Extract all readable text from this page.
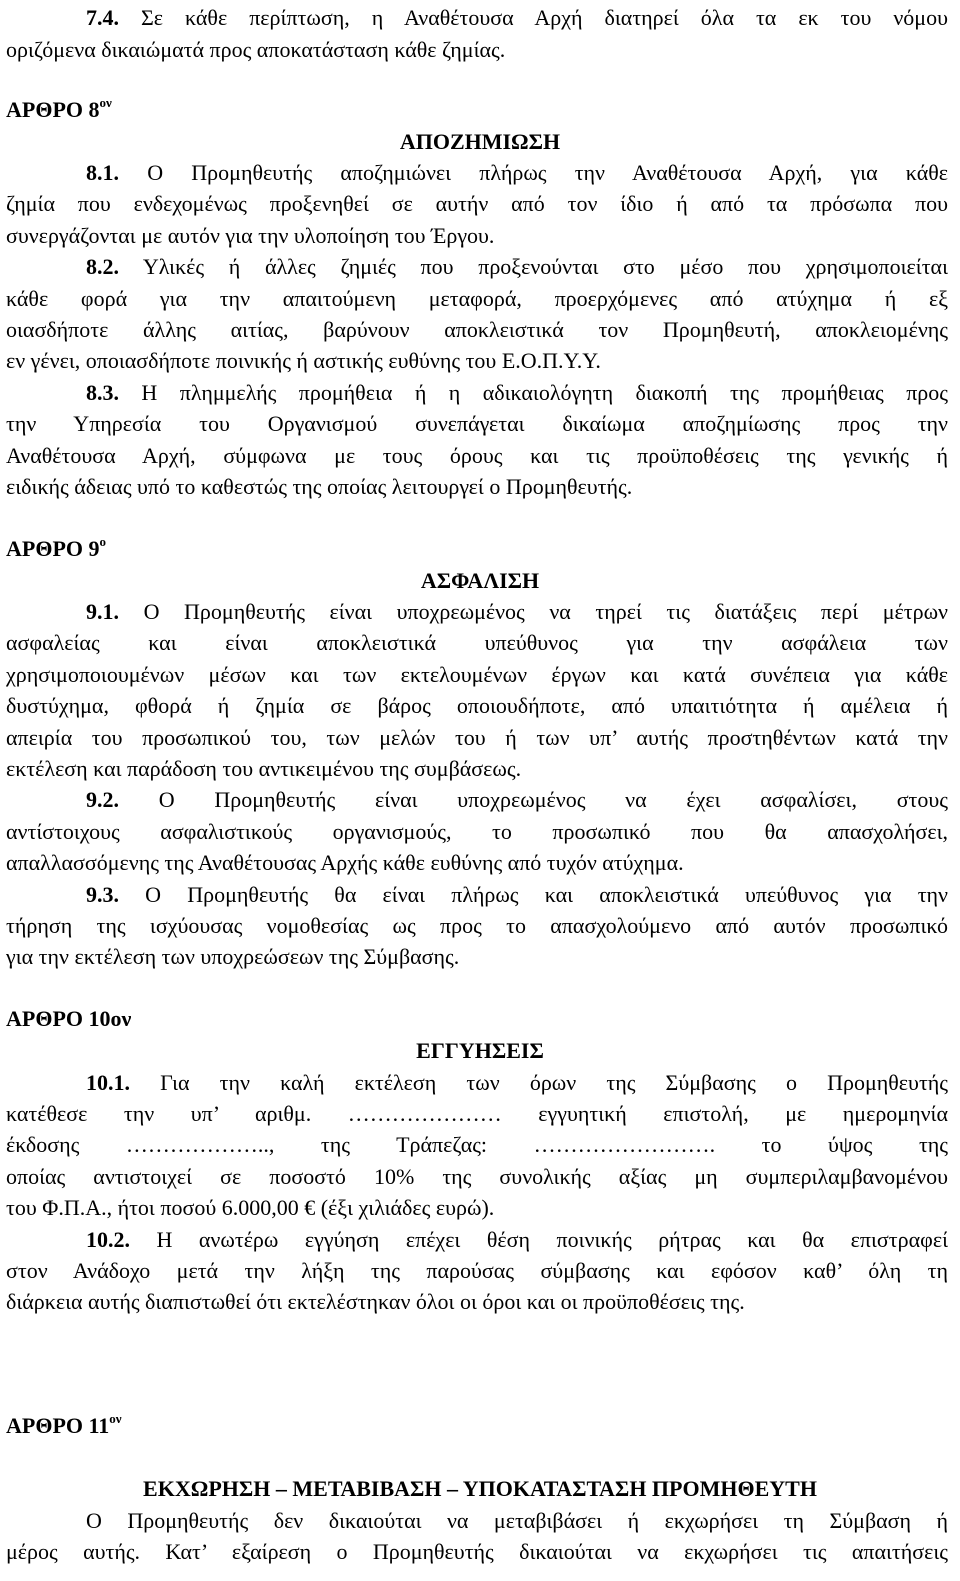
7.4. Σε κάθε περίπτωση, η Αναθέτουσα Αρχή διατηρεί όλα τα εκ του νόμου
οριζόμενα δικαιώματά προς αποκατάσταση κάθε ζημίας.
ΑΡΘΡΟ $8^{o\nu}$
ΑΠΟΖΗΜΙΩΣΗ
8.1. Ο Προμηθευτής αποζημιώνει πλήρως την Αναθέτουσα Αρχή, για κάθε
ζημία που ενδεχομένως προξενηθεί σε αυτήν από τον ίδιο ή από τα πρόσωπα που
συνεργάζονται με αυτόν για την υλοποίηση του Έργου.
8.2. Υλικές ή άλλες ζημιές που προξενούνται στο μέσο που χρησιμοποιείται
κάθε φορά για την απαιτούμενη μεταφορά, προερχόμενες από ατύχημα ή εξ
οιασδήποτε άλλης αιτίας, βαρύνουν αποκλειστικά τον Προμηθευτή, αποκλειομένης
εν γένει, οποιασδήποτε ποινικής ή αστικής ευθύνης του Ε.Ο.Π.Υ.Υ.
8.3. Η πλημμελής προμήθεια ή η αδικαιολόγητη διακοπή της προμήθειας προς
την Υπηρεσία του Οργανισμού συνεπάγεται δικαίωμα αποζημίωσης προς την
Αναθέτουσα Αρχή, σύμφωνα με τους όρους και τις προϋποθέσεις της γενικής ή
ειδικής άδειας υπό το καθεστώς της οποίας λειτουργεί ο Προμηθευτής.
ΑΡΘΡΟ $9^o$
ΑΣΦΑΛΙΣΗ
9.1. Ο Προμηθευτής είναι υποχρεωμένος να τηρεί τις διατάξεις περί μέτρων
ασφαλείας και είναι αποκλειστικά υπεύθυνος για την ασφάλεια των
χρησιμοποιουμένων μέσων και των εκτελουμένων έργων και κατά συνέπεια για κάθε
δυστύχημα, φθορά ή ζημία σε βάρος οποιουδήποτε, από υπαιτιότητα ή αμέλεια ή
απειρία του προσωπικού του, των μελών του ή των υπ’ αυτής προστηθέντων κατά την
εκτέλεση και παράδοση του αντικειμένου της συμβάσεως.
9.2. Ο Προμηθευτής είναι υποχρεωμένος να έχει ασφαλίσει, στους
αντίστοιχους ασφαλιστικούς οργανισμούς, το προσωπικό που θα απασχολήσει,
απαλλασσόμενης της Αναθέτουσας Αρχής κάθε ευθύνης από τυχόν ατύχημα.
9.3. Ο Προμηθευτής θα είναι πλήρως και αποκλειστικά υπεύθυνος για την
τήρηση της ισχύουσας νομοθεσίας ως προς το απασχολούμενο από αυτόν προσωπικό
για την εκτέλεση των υποχρεώσεων της Σύμβασης.
ΑΡΘΡΟ 10ον
ΕΓΓΥΗΣΕΙΣ
10.1. Για την καλή εκτέλεση των όρων της Σύμβασης ο Προμηθευτής
κατέθεσε την υπ’ αριθμ. ………………… εγγυητική επιστολή, με ημερομηνία
έκδοσης ……………….., της Τράπεζας: ……………………. το ύψος της
οποίας αντιστοιχεί σε ποσοστό 10% της συνολικής αξίας μη συμπεριλαμβανομένου
του Φ.Π.Α., ήτοι ποσού 6.000,00 € (έξι χιλιάδες ευρώ).
10.2. Η ανωτέρω εγγύηση επέχει θέση ποινικής ρήτρας και θα επιστραφεί
στον Ανάδοχο μετά την λήξη της παρούσας σύμβασης και εφόσον καθ’ όλη τη
διάρκεια αυτής διαπιστωθεί ότι εκτελέστηκαν όλοι οι όροι και οι προϋποθέσεις της.
ΑΡΘΡΟ $11^{o\nu}$
ΕΚΧΩΡΗΣΗ – ΜΕΤΑΒΙΒΑΣΗ – ΥΠΟΚΑΤΑΣΤΑΣΗ ΠΡΟΜΗΘΕΥΤΗ
Ο Προμηθευτής δεν δικαιούται να μεταβιβάσει ή εκχωρήσει τη Σύμβαση ή
μέρος αυτής. Κατ’ εξαίρεση ο Προμηθευτής δικαιούται να εκχωρήσει τις απαιτήσεις
